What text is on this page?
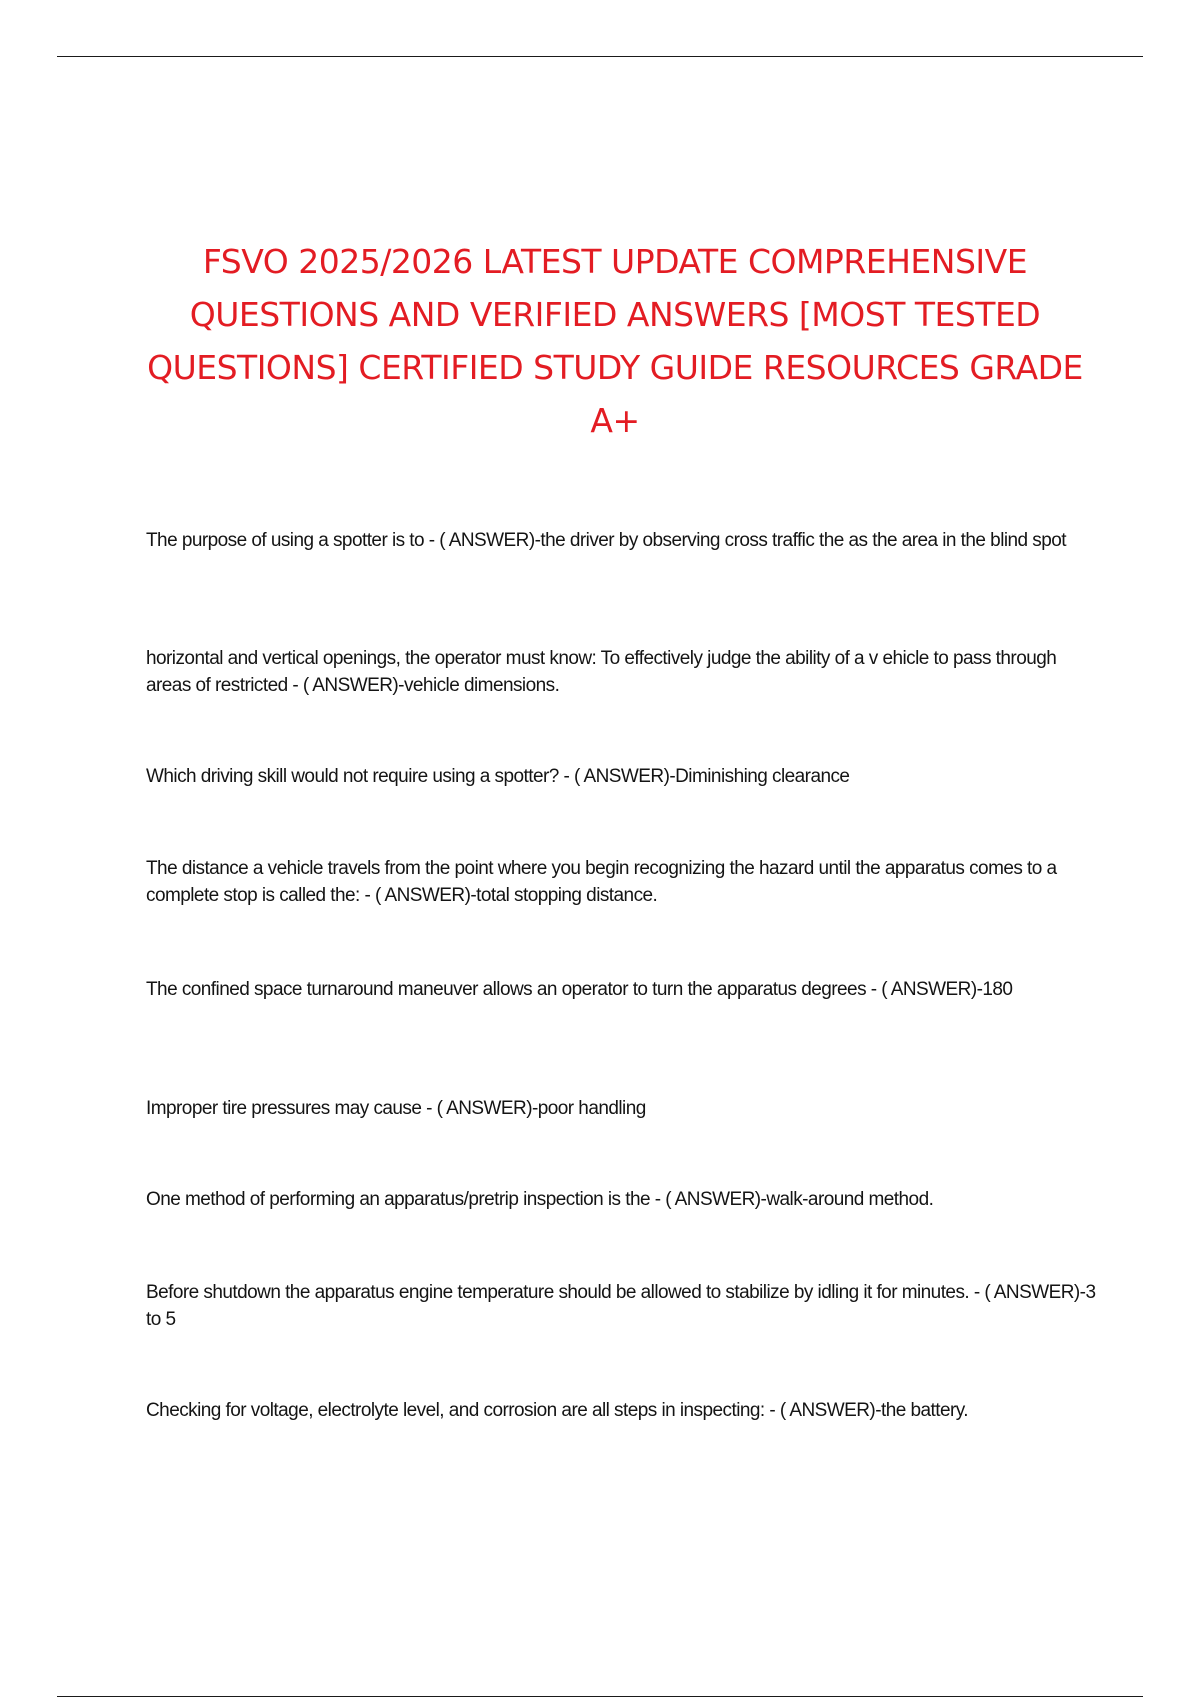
FSVO 2025/2026 LATEST UPDATE COMPREHENSIVE QUESTIONS AND VERIFIED ANSWERS [MOST TESTED QUESTIONS] CERTIFIED STUDY GUIDE RESOURCES GRADE A+
The purpose of using a spotter is to - ( ANSWER)-the driver by observing cross traffic the as the area in the blind spot
horizontal and vertical openings, the operator must know: To effectively judge the ability of a v ehicle to pass through areas of restricted - ( ANSWER)-vehicle dimensions.
Which driving skill would not require using a spotter? - ( ANSWER)-Diminishing clearance
The distance a vehicle travels from the point where you begin recognizing the hazard until the apparatus comes to a complete stop is called the: - ( ANSWER)-total stopping distance.
The confined space turnaround maneuver allows an operator to turn the apparatus degrees - ( ANSWER)-180
Improper tire pressures may cause - ( ANSWER)-poor handling
One method of performing an apparatus/pretrip inspection is the - ( ANSWER)-walk-around method.
Before shutdown the apparatus engine temperature should be allowed to stabilize by idling it for minutes. - ( ANSWER)-3 to 5
Checking for voltage, electrolyte level, and corrosion are all steps in inspecting: - ( ANSWER)-the battery.
